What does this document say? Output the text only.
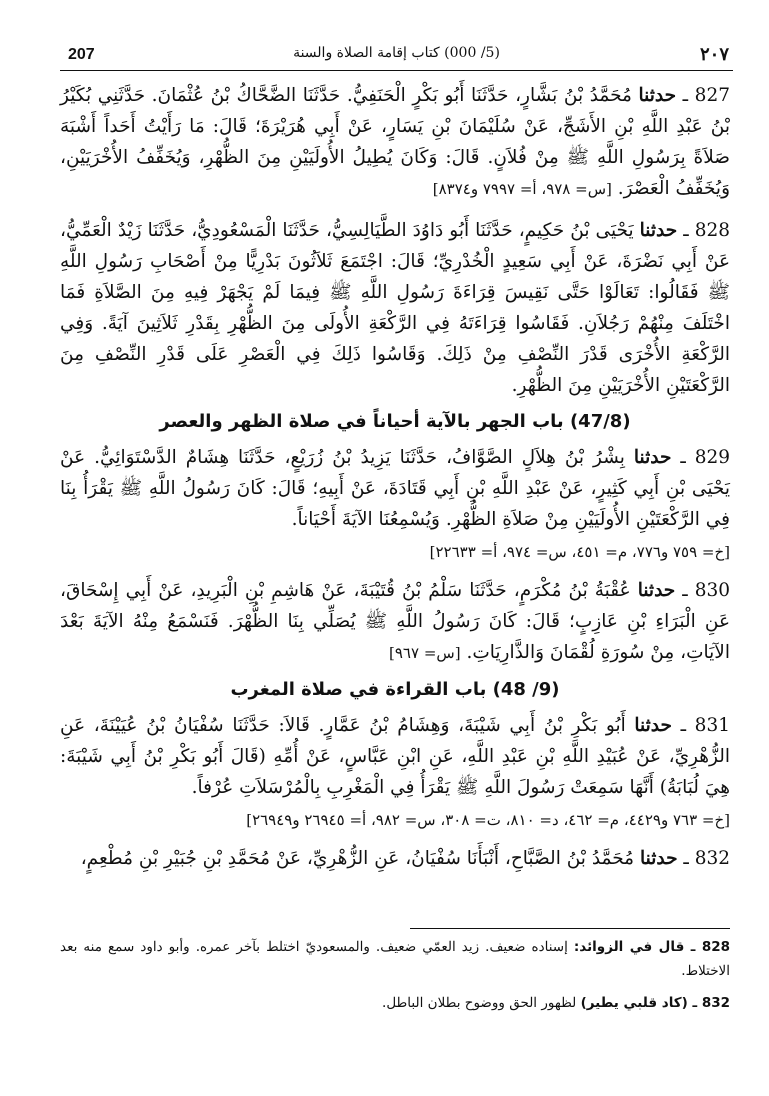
207	(5/ 000) كتاب إقامة الصلاة والسنة	٢٠٧

827 ـ حدثنا مُحَمَّدُ بْنُ بَشَّارٍ، حَدَّثَنَا أَبُو بَكْرٍ الْحَنَفِيُّ. حَدَّثَنَا الضَّحَّاكُ بْنُ عُثْمَانَ. حَدَّثَنِي بُكَيْرُ بْنُ عَبْدِ اللَّهِ بْنِ الأَشَجِّ، عَنْ سُلَيْمَانَ بْنِ يَسَارٍ، عَنْ أَبِي هُرَيْرَةَ؛ قَالَ: مَا رَأَيْتُ أَحَداً أَشْبَهَ صَلاَةً بِرَسُولِ اللَّهِ ﷺ مِنْ فُلاَنٍ. قَالَ: وَكَانَ يُطِيلُ الأُولَيَيْنِ مِنَ الظُّهْرِ، وَيُخَفِّفُ الأُخْرَيَيْنِ، وَيُخَفِّفُ الْعَصْرَ. [س= ٩٧٨، أ= ٧٩٩٧ و٨٣٧٤]

828 ـ حدثنا يَحْيَى بْنُ حَكِيمٍ، حَدَّثَنَا أَبُو دَاوُدَ الطَّيَالِسِيُّ، حَدَّثَنَا الْمَسْعُودِيُّ، حَدَّثَنَا زَيْدٌ الْعَمِّيُّ، عَنْ أَبِي نَضْرَةَ، عَنْ أَبِي سَعِيدٍ الْخُدْرِيِّ؛ قَالَ: اجْتَمَعَ ثَلاَثُونَ بَدْرِيًّا مِنْ أَصْحَابِ رَسُولِ اللَّهِ ﷺ فَقَالُوا: تَعَالَوْا حَتَّى نَقِيسَ قِرَاءَةَ رَسُولِ اللَّهِ ﷺ فِيمَا لَمْ يَجْهَرْ فِيهِ مِنَ الصَّلاَةِ فَمَا اخْتَلَفَ مِنْهُمْ رَجُلاَنِ. فَقَاسُوا قِرَاءَتَهُ فِي الرَّكْعَةِ الأُولَى مِنَ الظُّهْرِ بِقَدْرِ ثَلاَثِينَ آيَةً. وَفِي الرَّكْعَةِ الأُخْرَى قَدْرَ النِّصْفِ مِنْ ذَلِكَ. وَقَاسُوا ذَلِكَ فِي الْعَصْرِ عَلَى قَدْرِ النِّصْفِ مِنَ الرَّكْعَتَيْنِ الأُخْرَيَيْنِ مِنَ الظُّهْرِ.

(47/8) باب الجهر بالآية أحياناً في صلاة الظهر والعصر

829 ـ حدثنا بِشْرُ بْنُ هِلاَلٍ الصَّوَّافُ، حَدَّثَنَا يَزِيدُ بْنُ زُرَيْعٍ، حَدَّثَنَا هِشَامٌ الدَّسْتَوَائِيُّ. عَنْ يَحْيَى بْنِ أَبِي كَثِيرٍ، عَنْ عَبْدِ اللَّهِ بْنِ أَبِي قَتَادَةَ، عَنْ أَبِيهِ؛ قَالَ: كَانَ رَسُولُ اللَّهِ ﷺ يَقْرَأُ بِنَا فِي الرَّكْعَتَيْنِ الأُولَيَيْنِ مِنْ صَلاَةِ الظُّهْرِ. وَيُسْمِعُنَا الآيَةَ أَحْيَاناً.

[خ= ٧٥٩ و٧٧٦، م= ٤٥١، س= ٩٧٤، أ= ٢٢٦٣٣]

830 ـ حدثنا عُقْبَةُ بْنُ مُكْرَمٍ، حَدَّثَنَا سَلْمُ بْنُ قُتَيْبَةَ، عَنْ هَاشِمِ بْنِ الْبَرِيدِ، عَنْ أَبِي إِسْحَاقَ، عَنِ الْبَرَاءِ بْنِ عَازِبٍ؛ قَالَ: كَانَ رَسُولُ اللَّهِ ﷺ يُصَلِّي بِنَا الظُّهْرَ. فَنَسْمَعُ مِنْهُ الآيَةَ بَعْدَ الآيَاتِ، مِنْ سُورَةِ لُقْمَانَ وَالذَّارِيَاتِ. [س= ٩٦٧]

(9/ 48) باب القراءة في صلاة المغرب

831 ـ حدثنا أَبُو بَكْرِ بْنُ أَبِي شَيْبَةَ، وَهِشَامُ بْنُ عَمَّارٍ. قَالاَ: حَدَّثَنَا سُفْيَانُ بْنُ عُيَيْنَةَ، عَنِ الزُّهْرِيِّ، عَنْ عُبَيْدِ اللَّهِ بْنِ عَبْدِ اللَّهِ، عَنِ ابْنِ عَبَّاسٍ، عَنْ أُمِّهِ (قَالَ أَبُو بَكْرِ بْنُ أَبِي شَيْبَةَ: هِيَ لُبَابَةُ) أَنَّهَا سَمِعَتْ رَسُولَ اللَّهِ ﷺ يَقْرَأُ فِي الْمَغْرِبِ بِالْمُرْسَلاَتِ عُرْفاً.

[خ= ٧٦٣ و٤٤٢٩، م= ٤٦٢، د= ٨١٠، ت= ٣٠٨، س= ٩٨٢، أ= ٢٦٩٤٥ و٢٦٩٤٩]

832 ـ حدثنا مُحَمَّدُ بْنُ الصَّبَّاحِ، أَنْبَأَنَا سُفْيَانُ، عَنِ الزُّهْرِيِّ، عَنْ مُحَمَّدِ بْنِ جُبَيْرِ بْنِ مُطْعِمٍ،

828 ـ قال في الزوائد: إسناده ضعيف. زيد العمّي ضعيف. والمسعوديّ اختلط بآخر عمره. وأبو داود سمع منه بعد الاختلاط.

832 ـ (كاد قلبي يطير) لظهور الحق ووضوح بطلان الباطل.
